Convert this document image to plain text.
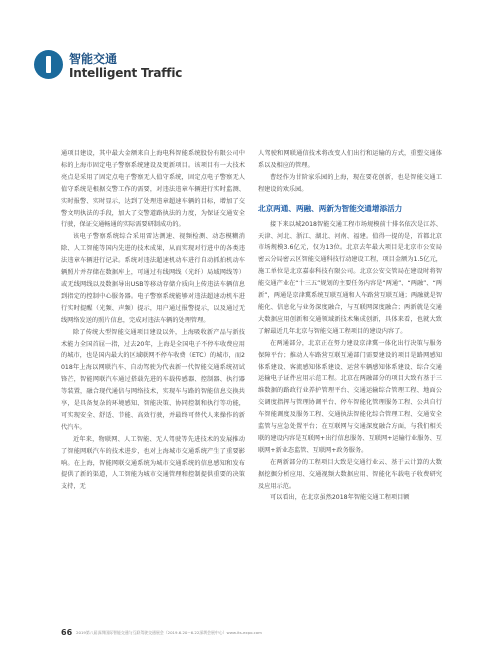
智能交通
Intelligent Traffic

通项目建设，其中最大金额来自上海电科智能系统股份有限公司中标的上海市固定电子警察系统建设及更新项目。该项目有一大技术亮点是采用了固定点电子警察无人值守系统，固定点电子警察无人值守系统是根据交警工作的需要，对违法违章车辆进行实时监测、实时报警、实时显示，达到了处理违章超速车辆的目标，增加了交警文明执法的手段，加大了交警道路执法的力度，为保证交通安全行驶，保证交通畅通的实际需要研制成功的。

该电子警察系统综合采用雷达测速、视频检测、动态模糊消除、人工智能等国内先进的技术成果，从而实现对行进中的各类违法违章车辆进行记录。系统对违法超速机动车进行自动抓拍机动车辆照片并存储在数据库上，可通过有线网线（光纤）局域网线等）或无线网线以及数据导出USB等移动存储介质向上传违法车辆信息到指定的控制中心服务器。电子警察系统能够对违法超速动机车进行实时提醒（光频、声频）提示，用户通过报警提示，以及通过无线网络发送的照片信息，完成对违法车辆的处理管理。

除了传统大型智能交通项目建设以外，上海吸收新产品与新技术能力全国首屈一指，过去20年，上海是全国电子不停车收费应用的城市，也是国内最大的区域联网不停车收费（ETC）的城市，而2018年上海以网联汽车、自动驾驶为代表新一代智能交通系统初试锋芒，智能网联汽车通过搭载先进的车载传感器、控制器、执行器等装置，融合现代通信与网络技术，实现车与路的智能信息交换共享，是具备复杂的环境感知、智能决策、协同控制和执行等功能，可实现安全、舒适、节能、高效行驶，并最终可替代人来操作的新代汽车。

近年来，物联网、人工智能、无人驾驶等先进技术的发展推动了智能网联汽车的技术进步，也对上海城市交通系统产生了重要影响。在上海，智能网联交通系统为城市交通系统的信息感知和发布提供了新的渠道，人工智能为城市交通管理和控制提供重要的决策支持，无

人驾驶和网联通信技术将改变人们出行和运输的方式，重塑交通体系以及相应的管理。

曹经作为甘阶家乐园的上海，现在要花创新，也是智能交通工程建设的欢乐园。

北京两通、两融、两新为智能交通增添活力

接下来以城2018智能交通工程市场规模前十排名依次是江苏、天津、河北、浙江、湖北、河南、福建。值得一提的是，首都北京市场规模3.6亿元，仅为13位。北京去年最大项目是北京市公安局密云分局密云区智能交通科技行动建设工程，项目金额为1.5亿元，施工单位是北京嘉泰科技有限公司。北京公安交管局在建设时将智能交通产业在“十三五”规划的主要任务内容是“两通”、“两融”、“两新”，两通是京津冀系统互联互通和人车路营互联互通；两融就是智能化、信息化与业务深度融合，与互联网深度融合；两新就是交通大数据应用创新和交通领域新技术集成创新，具体来看，也就大致了解最近几年北京与智能交通工程项目的建设内容了。

在两通部分，北京正在努力建设京津冀一体化出行决策与服务保障平台；推动人车路营互联互通部门需要建设的项目是路网感知体系建设、客流感知体系建设、运营车辆感知体系建设、综合交通运输电子证件应用示范工程。北京在两融部分的项目大致有基于三维数据的路政行业养护管理平台、交通运输综合管理工程、地面公交调度指挥与管理协调平台、停车智能化管理服务工程、公共自行车智能调度及服务工程、交通执法智能化综合管理工程、交通安全监管与应急处置平台；在互联网与交通深度融合方面，与我们相关联的建设内容是互联网+出行信息服务、互联网+运输行业服务、互联网+新业态监管、互联网+政务服务。

在两新部分的工程项目大致是交通行业云、基于云计算的大数据挖掘分析应用、交通视频大数据应用、智能化车载电子收费研究及应用示范。

可以看出，在北京虽然2018年智能交通工程项目额

66 2019第八届深圳国际智能交通与互联驾驶交通展会（2019.6.20~6.22深圳会展中心）www.its-expo.com
